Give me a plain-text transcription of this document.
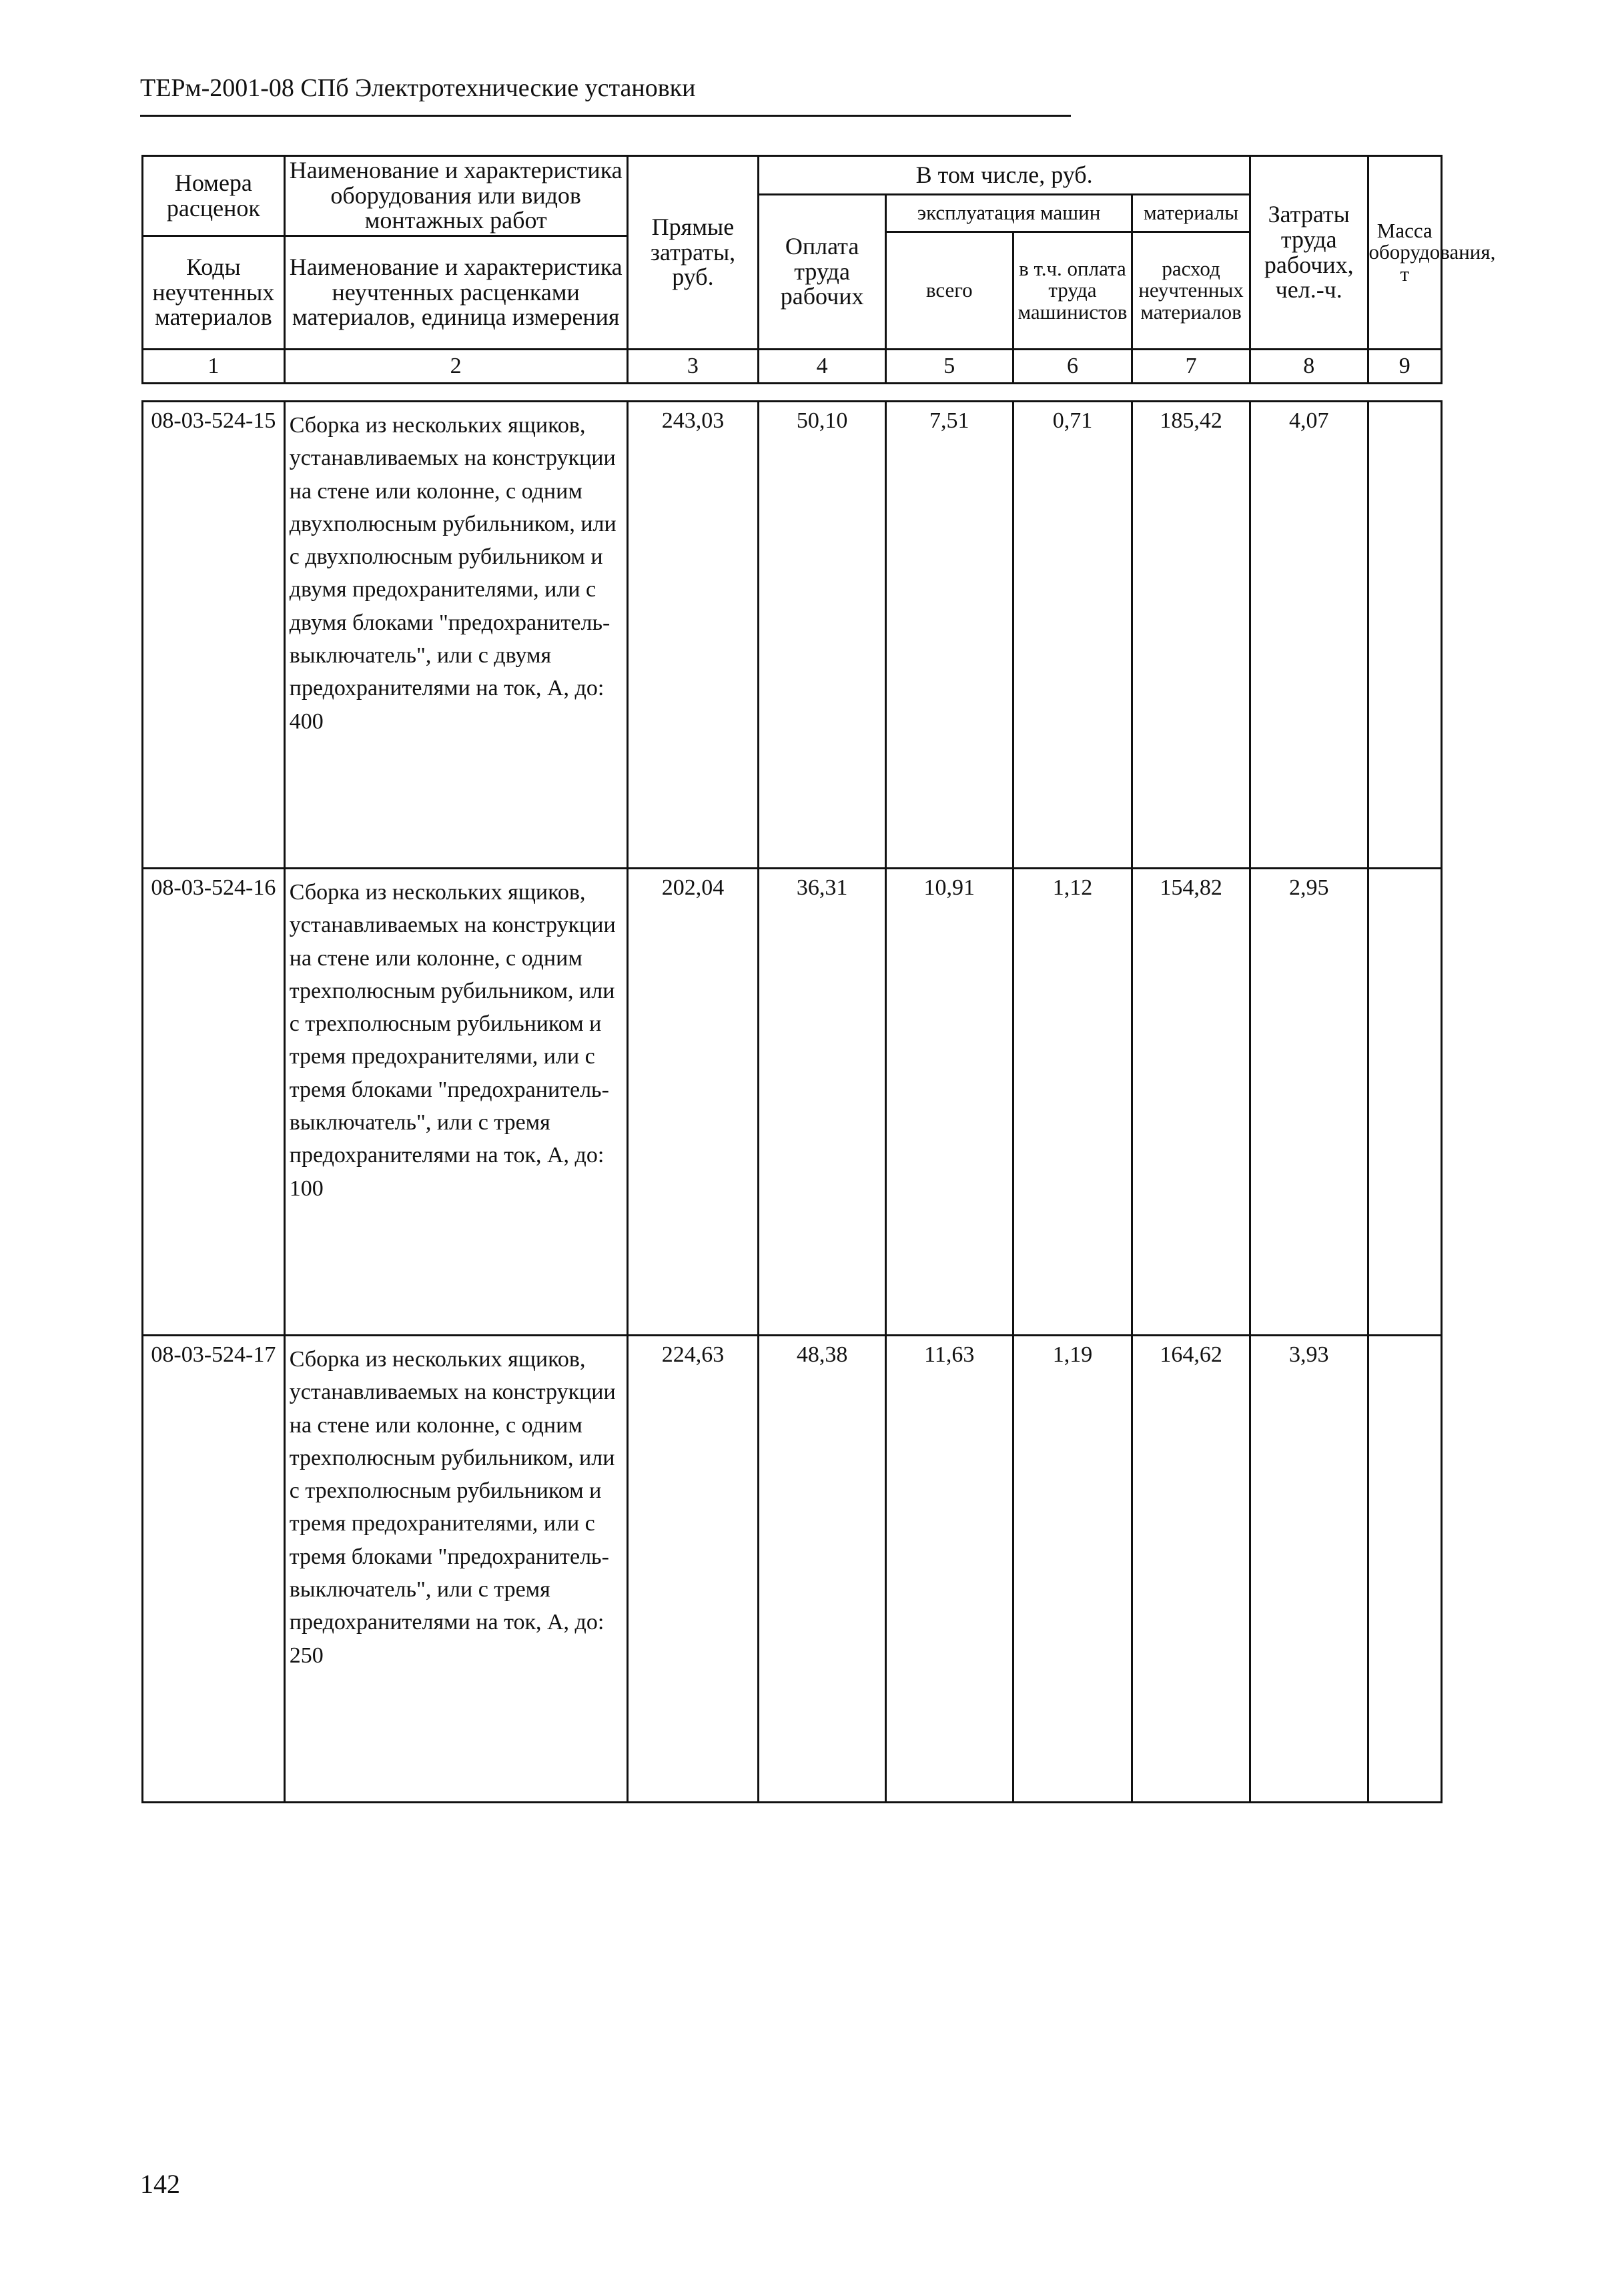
ТЕРм-2001-08 СПб Электротехнические установки
Номера расценок	Наименование и характеристика оборудования или видов монтажных работ	Прямые затраты, руб.	В том числе, руб.				Затраты труда рабочих, чел.-ч.	Масса оборудования, т
			Оплата труда рабочих	эксплуатация машин		материалы		
				всего	в т.ч. оплата труда машинистов	расход неучтенных материалов		
Коды неучтенных материалов	Наименование и характеристика неучтенных расценками материалов, единица измерения							

1	2	3	4	5	6	7	8	9
08-03-524-15	Сборка из нескольких ящиков, устанавливаемых на конструкции на стене или колонне, с одним двухполюсным рубильником, или с двухполюсным рубильником и двумя предохранителями, или с двумя блоками "предохранитель-выключатель", или с двумя предохранителями на ток, А, до: 400	243,03	50,10	7,51	0,71	185,42	4,07	
08-03-524-16	Сборка из нескольких ящиков, устанавливаемых на конструкции на стене или колонне, с одним трехполюсным рубильником, или с трехполюсным рубильником и тремя предохранителями, или с тремя блоками "предохранитель-выключатель", или с тремя предохранителями на ток, А, до: 100	202,04	36,31	10,91	1,12	154,82	2,95	
08-03-524-17	Сборка из нескольких ящиков, устанавливаемых на конструкции на стене или колонне, с одним трехполюсным рубильником, или с трехполюсным рубильником и тремя предохранителями, или с тремя блоками "предохранитель-выключатель", или с тремя предохранителями на ток, А, до: 250	224,63	48,38	11,63	1,19	164,62	3,93	
142
